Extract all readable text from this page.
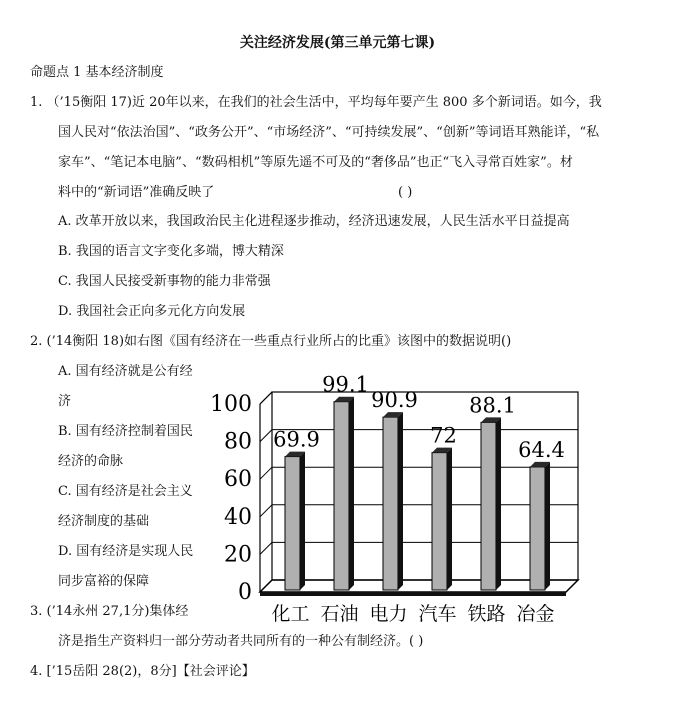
关注经济发展(第三单元第七课)
命题点 1 基本经济制度
1. （’15衡阳 17)近 20年以来，在我们的社会生活中，平均每年要产生 800 多个新词语。如今，我
国人民对“依法治国”、“政务公开”、“市场经济”、“可持续发展”、“创新”等词语耳熟能详，“私
家车”、“笔记本电脑”、“数码相机”等原先遥不可及的“奢侈品”也正“飞入寻常百姓家”。材
料中的“新词语”准确反映了	( )
A. 改革开放以来，我国政治民主化进程逐步推动，经济迅速发展，人民生活水平日益提高
B. 我国的语言文字变化多端，博大精深
C. 我国人民接受新事物的能力非常强
D. 我国社会正向多元化方向发展
2. (’14衡阳 18)如右图《国有经济在一些重点行业所占的比重》该图中的数据说明()
A. 国有经济就是公有经
济
B. 国有经济控制着国民
经济的命脉
C. 国有经济是社会主义
经济制度的基础
D. 国有经济是实现人民
同步富裕的保障
3. (’14永州 27,1分)集体经
济是指生产资料归一部分劳动者共同所有的一种公有制经济。( )
4. [’15岳阳 28(2)，8分]【社会评论】
0
20
40
60
80
100
化工 石油 电力 汽车 铁路 冶金
69.9
99.1
90.9
72
88.1
64.4
